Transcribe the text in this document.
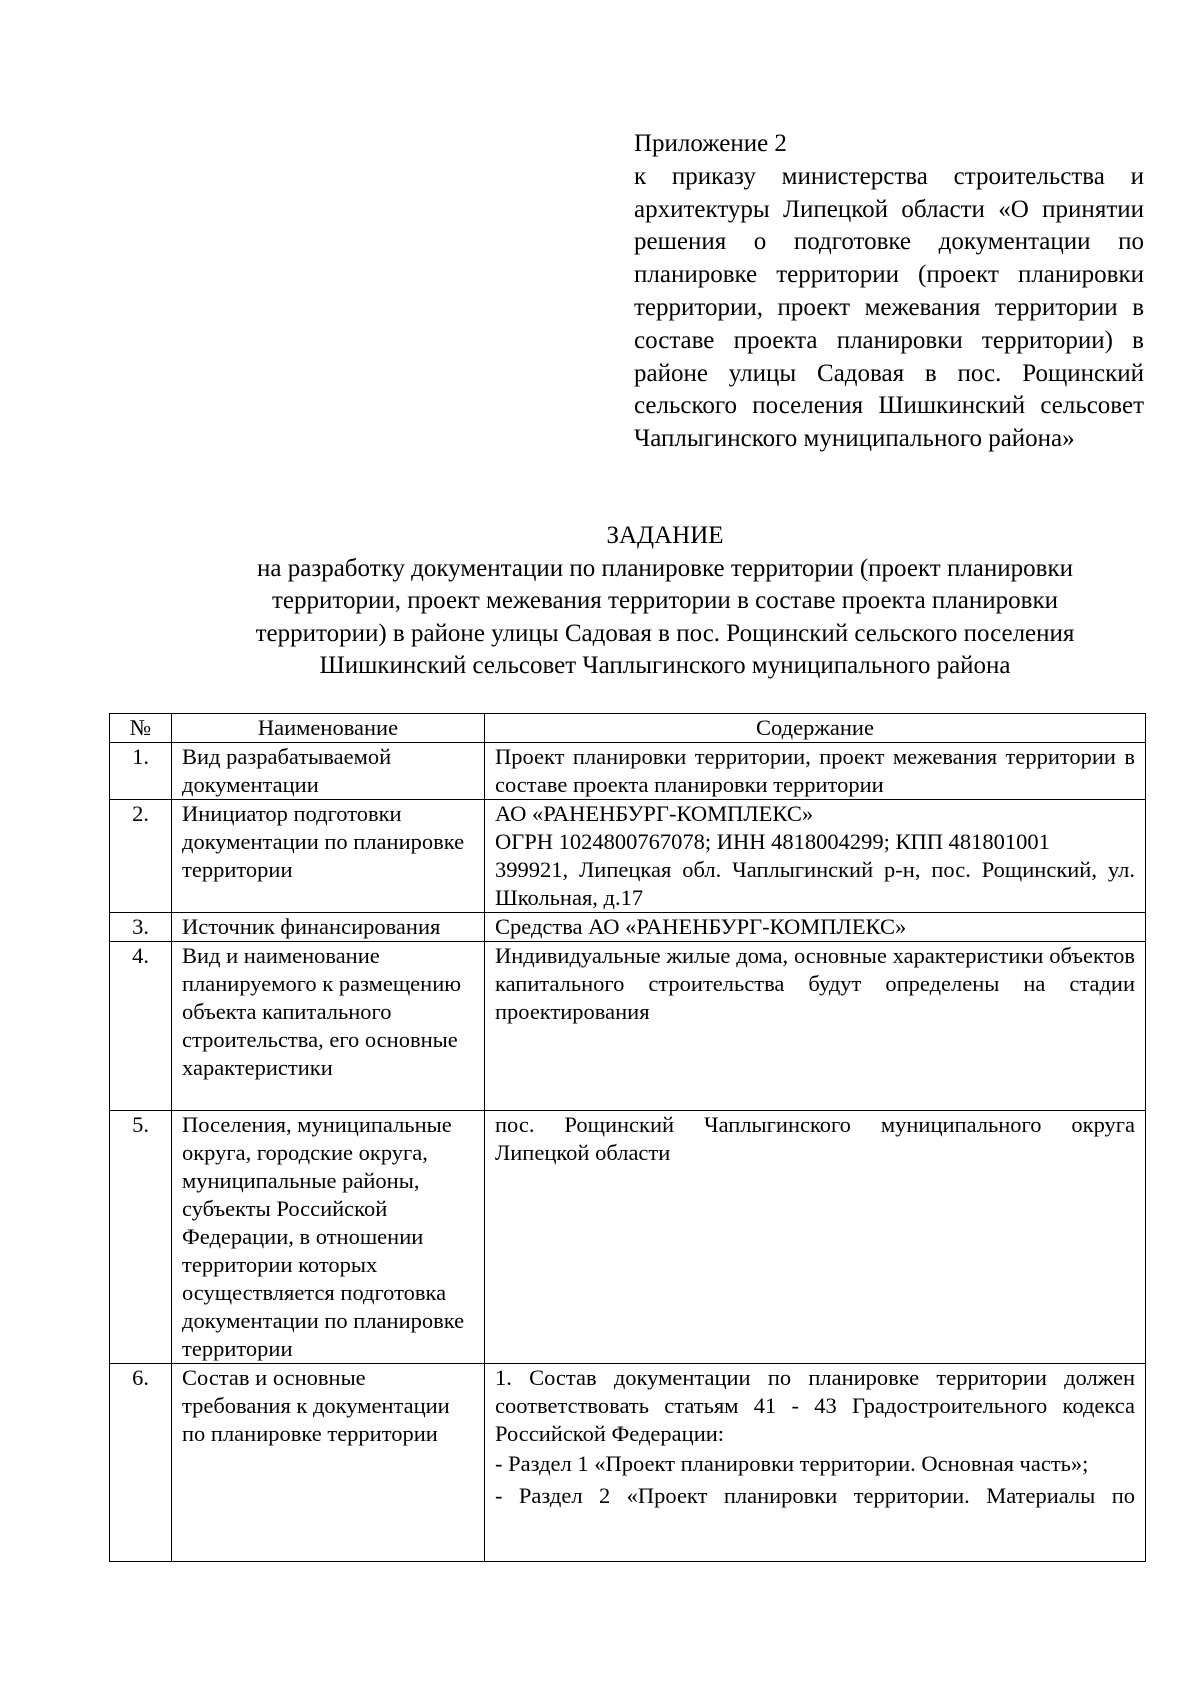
Приложение 2
к приказу министерства строительства и архитектуры Липецкой области «О принятии решения о подготовке документации по планировке территории (проект планировки территории, проект межевания территории в составе проекта планировки территории) в районе улицы Садовая в пос. Рощинский сельского поселения Шишкинский сельсовет Чаплыгинского муниципального района»
ЗАДАНИЕ
на разработку документации по планировке территории (проект планировки
территории, проект межевания территории в составе проекта планировки
территории) в районе улицы Садовая в пос. Рощинский сельского поселения
Шишкинский сельсовет Чаплыгинского муниципального района
№	Наименование	Содержание
1.	Вид разрабатываемой документации	Проект планировки территории, проект межевания территории в составе проекта планировки территории

2.	Инициатор подготовки документации по планировке территории	АО «РАНЕНБУРГ-КОМПЛЕКС»
ОГРН 1024800767078; ИНН 4818004299; КПП 481801001
399921, Липецкая обл. Чаплыгинский р-н, пос. Рощинский, ул. Школьная, д.17

3.	Источник финансирования	Средства АО «РАНЕНБУРГ-КОМПЛЕКС»

4.	Вид и наименование планируемого к размещению объекта капитального строительства, его основные характеристики	Индивидуальные жилые дома, основные характеристики объектов капитального строительства будут определены на стадии проектирования

5.	Поселения, муниципальные округа, городские округа, муниципальные районы, субъекты Российской Федерации, в отношении территории которых осуществляется подготовка документации по планировке территории	пос. Рощинский Чаплыгинского муниципального округа Липецкой области

6.	Состав и основные требования к документации по планировке территории	1. Состав документации по планировке территории должен соответствовать статьям 41 - 43 Градостроительного кодекса Российской Федерации:
- Раздел 1 «Проект планировки территории. Основная часть»;
- Раздел 2 «Проект планировки территории. Материалы по
